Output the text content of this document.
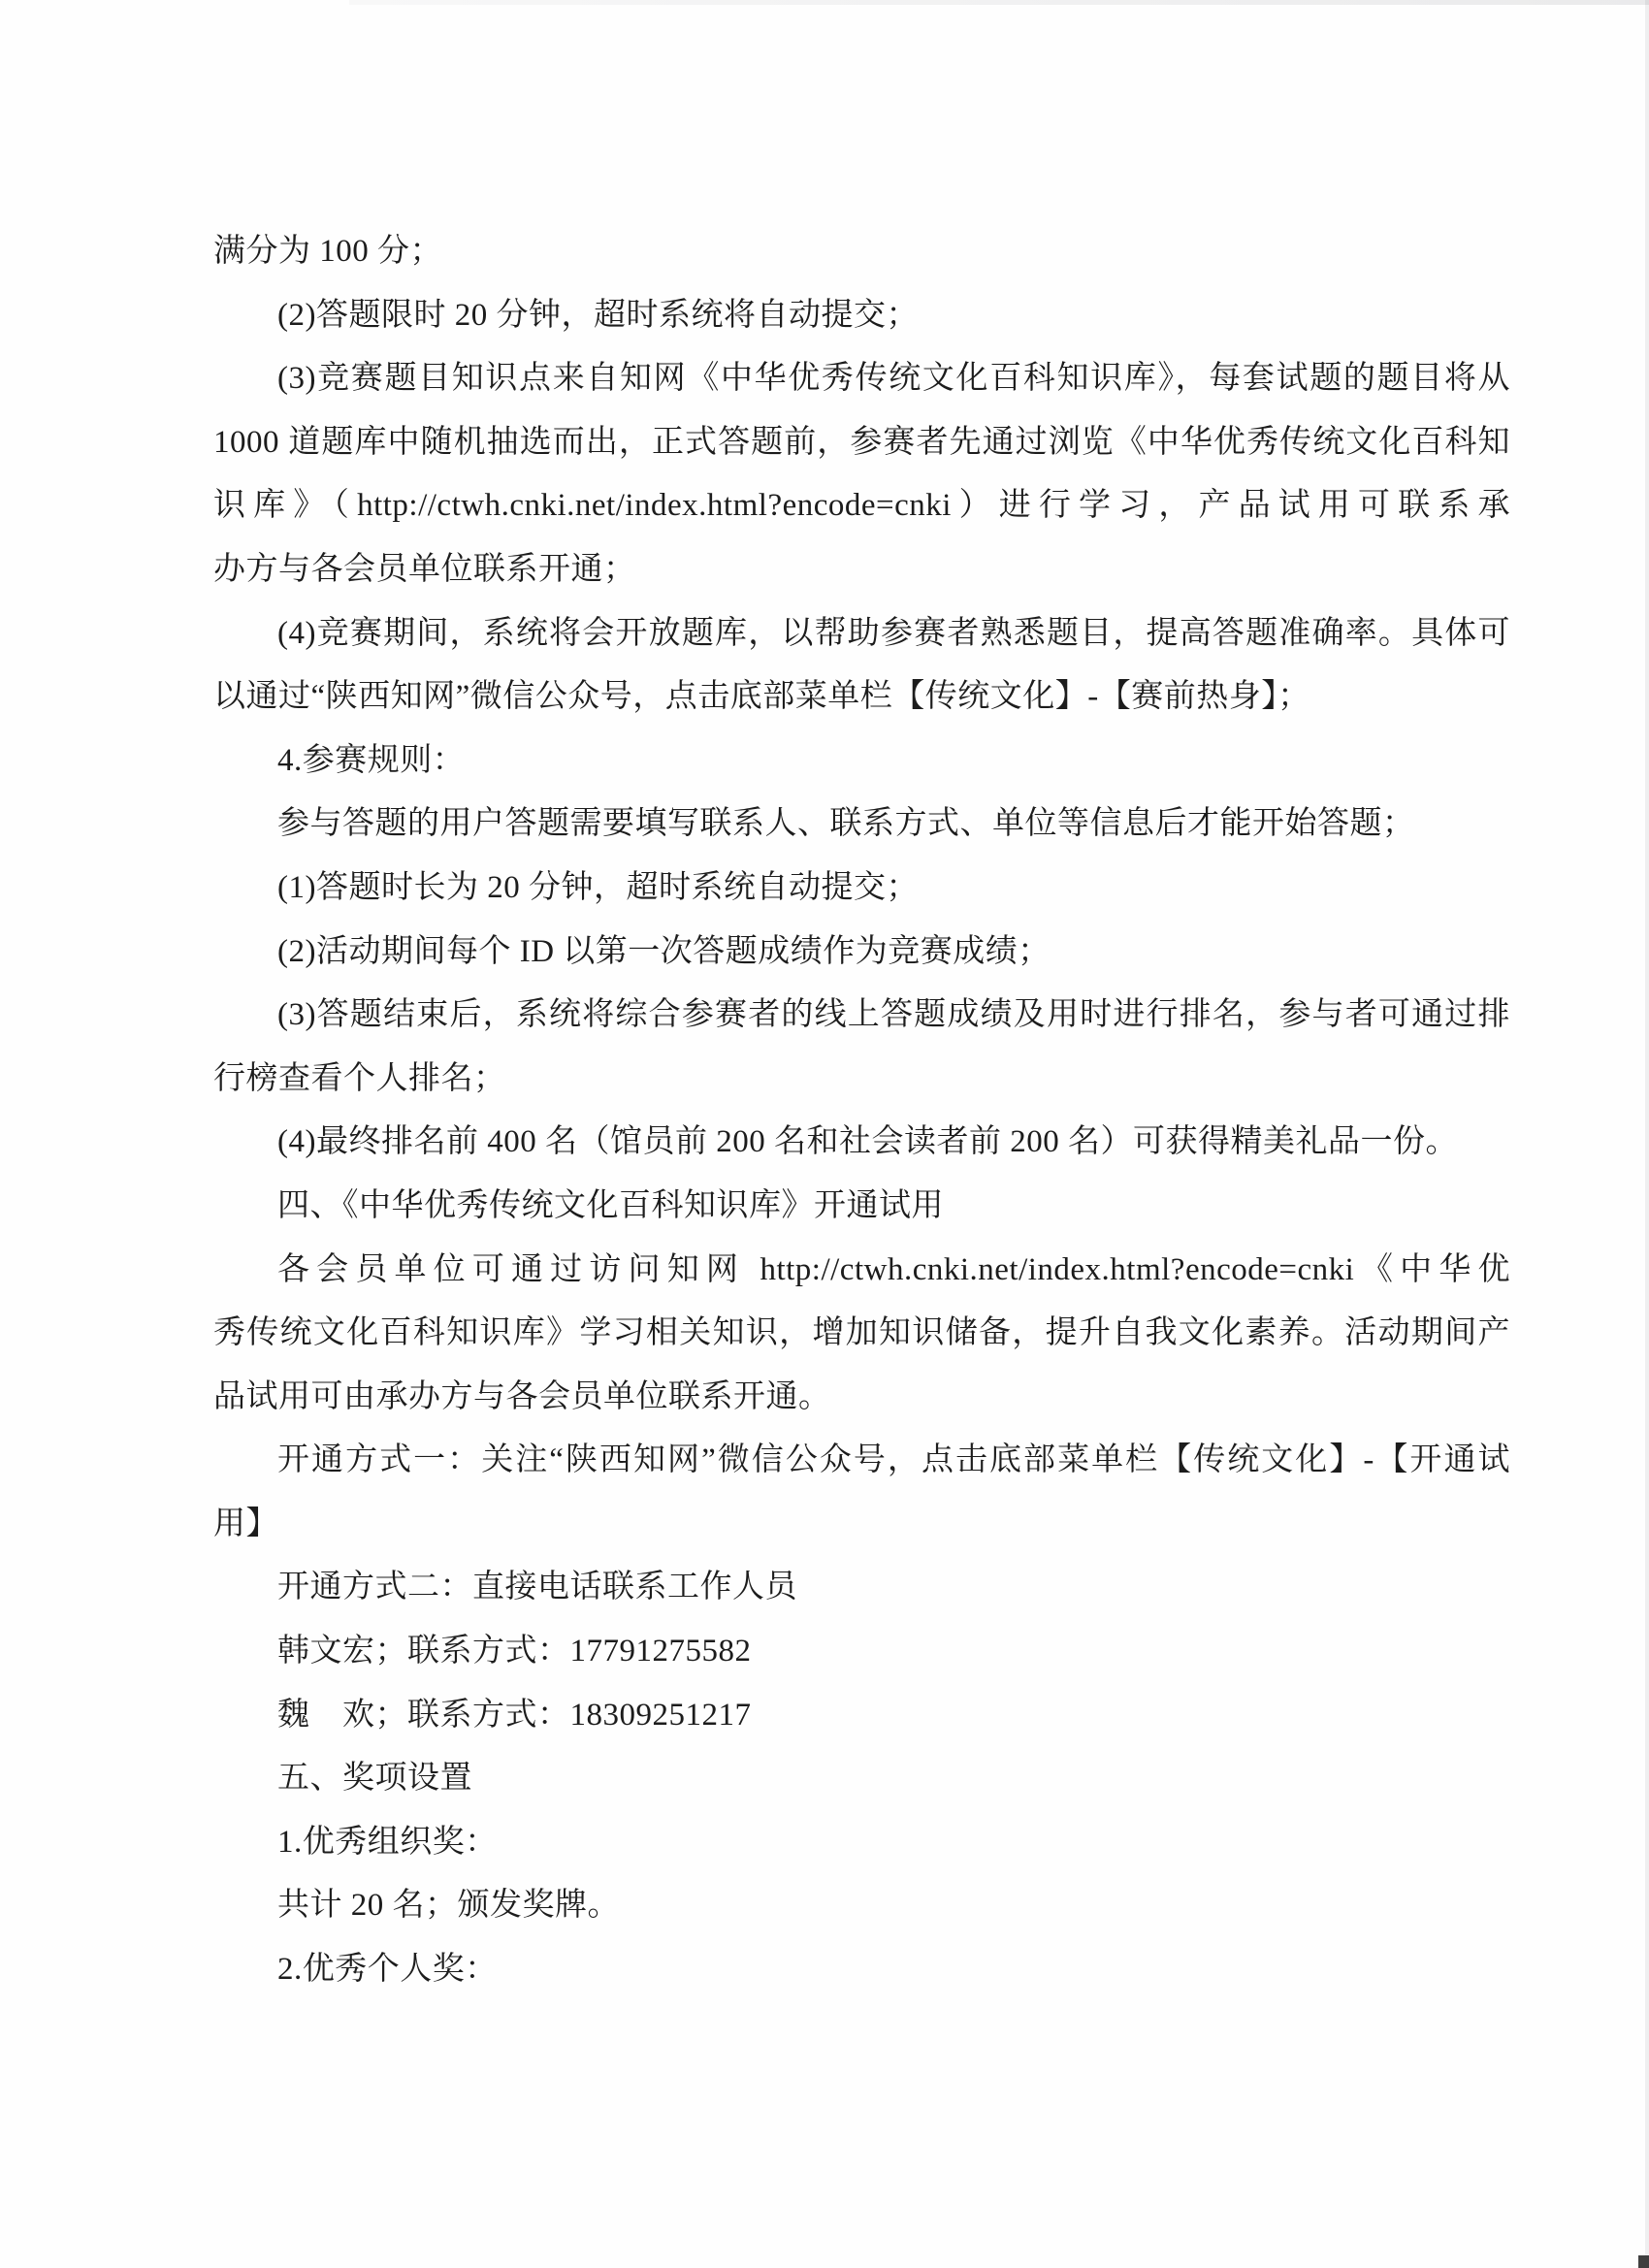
满分为 100 分；
(2)答题限时 20 分钟，超时系统将自动提交；
(3)竞赛题目知识点来自知网《中华优秀传统文化百科知识库》，每套试题的题目将从
1000 道题库中随机抽选而出，正式答题前，参赛者先通过浏览《中华优秀传统文化百科知
识库》（http://ctwh.cnki.net/index.html?encode=cnki）进行学习，产品试用可联系承
办方与各会员单位联系开通；
(4)竞赛期间，系统将会开放题库，以帮助参赛者熟悉题目，提高答题准确率。具体可
以通过“陕西知网”微信公众号，点击底部菜单栏【传统文化】-【赛前热身】；
4.参赛规则：
参与答题的用户答题需要填写联系人、联系方式、单位等信息后才能开始答题；
(1)答题时长为 20 分钟，超时系统自动提交；
(2)活动期间每个 ID 以第一次答题成绩作为竞赛成绩；
(3)答题结束后，系统将综合参赛者的线上答题成绩及用时进行排名，参与者可通过排
行榜查看个人排名；
(4)最终排名前 400 名（馆员前 200 名和社会读者前 200 名）可获得精美礼品一份。
四、《中华优秀传统文化百科知识库》开通试用
各会员单位可通过访问知网 http://ctwh.cnki.net/index.html?encode=cnki《中华优
秀传统文化百科知识库》学习相关知识，增加知识储备，提升自我文化素养。活动期间产
品试用可由承办方与各会员单位联系开通。
开通方式一：关注“陕西知网”微信公众号，点击底部菜单栏【传统文化】-【开通试
用】
开通方式二：直接电话联系工作人员
韩文宏；联系方式：17791275582
魏　欢；联系方式：18309251217
五、奖项设置
1.优秀组织奖：
共计 20 名；颁发奖牌。
2.优秀个人奖：
